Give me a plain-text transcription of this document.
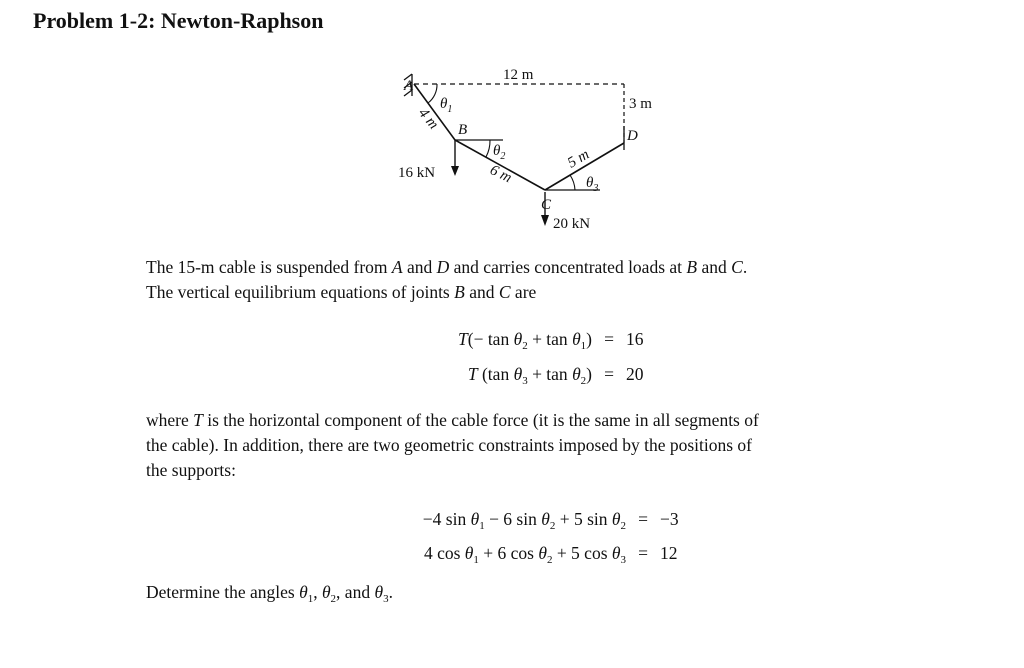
Problem 1-2: Newton-Raphson
A
B
C
D
12 m
3 m
4 m
6 m
5 m
16 kN
20 kN
$\theta_1$
$\theta_2$
$\theta_3$
The 15-m cable is suspended from A and D and carries concentrated loads at B and C.
The vertical equilibrium equations of joints B and C are
$T(- \tan \theta_2 + \tan \theta_1) = 16$
T (tan $\theta_3 + \tan \theta_2) = 20$
where T is the horizontal component of the cable force (it is the same in all segments of
the cable). In addition, there are two geometric constraints imposed by the positions of
the supports:
−4 $\sin \theta_1 - 6$ $\sin \theta_2 + 5$ $\sin \theta_2 = -3$
4 $\cos \theta_1 + 6$ $\cos \theta_2 + 5$ $\cos \theta_3 = 12$
Determine the angles $\theta_1$, $\theta_2$, and $\theta_3$.
